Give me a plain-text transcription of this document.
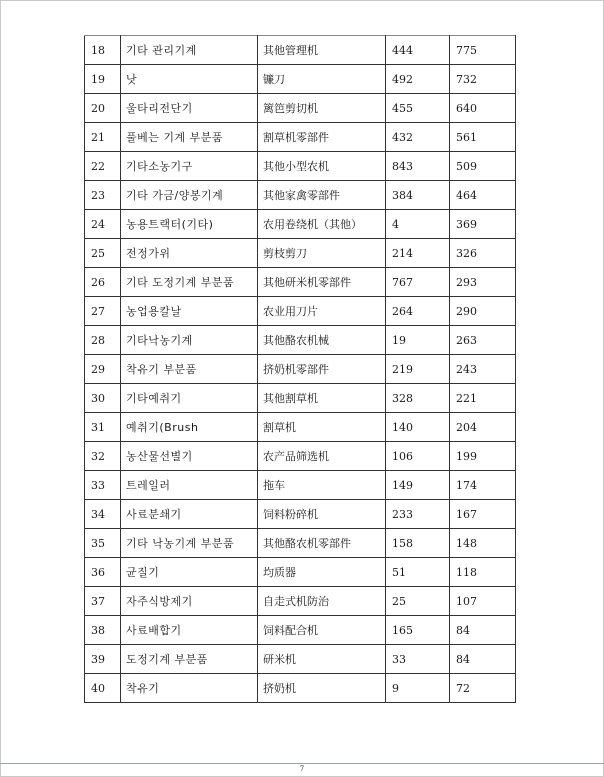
18	기타 관리기계	其他管理机	444	775
19	낫	镰刀	492	732
20	울타리전단기	篱笆剪切机	455	640
21	풀베는 기계 부분품	割草机零部件	432	561
22	기타소농기구	其他小型农机	843	509
23	기타 가금/양봉기계	其他家禽零部件	384	464
24	농용트랙터(기타)	农用卷绕机（其他）	4	369
25	전정가위	剪枝剪刀	214	326
26	기타 도정기계 부분품	其他研米机零部件	767	293
27	농업용칼날	农业用刀片	264	290
28	기타낙농기계	其他酪农机械	19	263
29	착유기 부분품	挤奶机零部件	219	243
30	기타예취기	其他割草机	328	221
31	예취기(Brush	割草机	140	204
32	농산물선별기	农产品筛选机	106	199
33	트레일러	拖车	149	174
34	사료분쇄기	饲料粉碎机	233	167
35	기타 낙농기계 부분품	其他酪农机零部件	158	148
36	균질기	均质器	51	118
37	자주식방제기	自走式机防治	25	107
38	사료배합기	饲料配合机	165	84
39	도정기계 부분품	研米机	33	84
40	착유기	挤奶机	9	72
7
